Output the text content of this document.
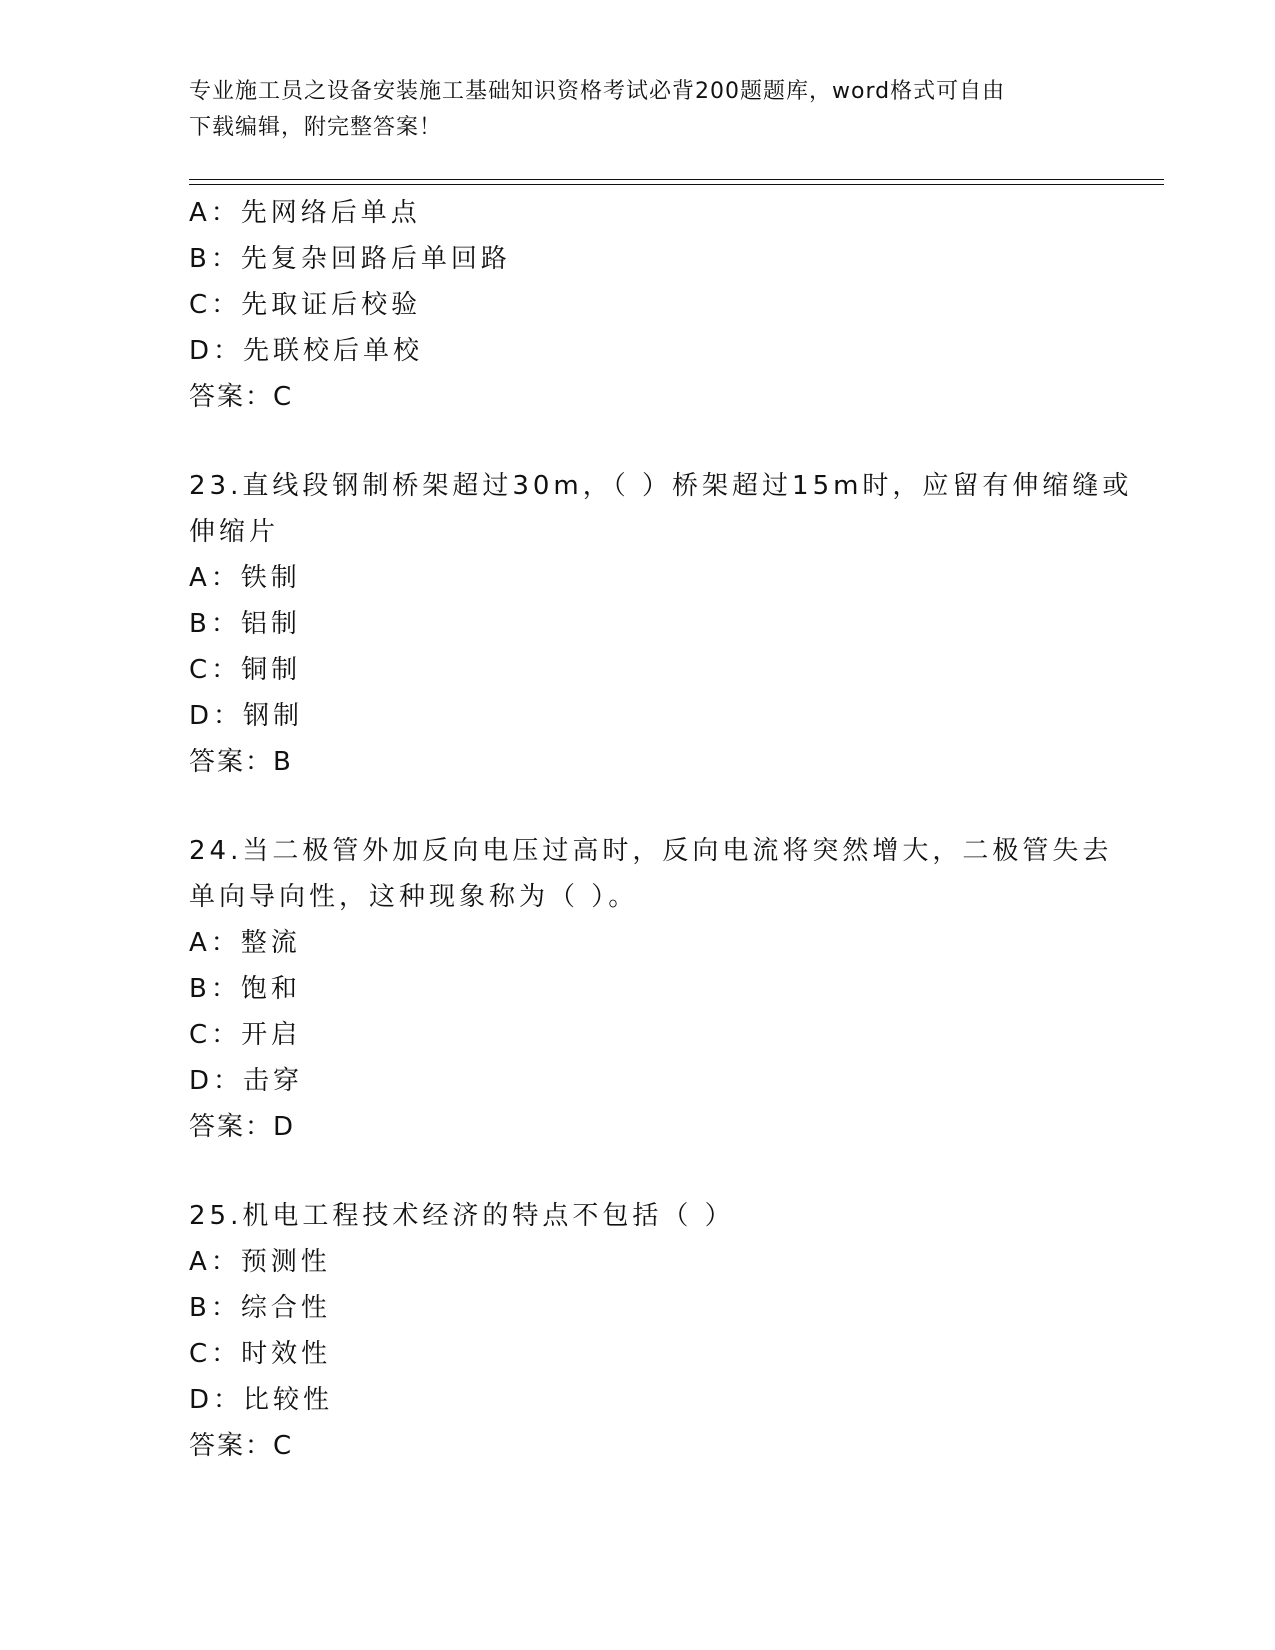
专业施工员之设备安装施工基础知识资格考试必背200题题库，word格式可自由
下载编辑，附完整答案！
A：先网络后单点
B：先复杂回路后单回路
C：先取证后校验
D：先联校后单校
答案：C
23.直线段钢制桥架超过30m，（ ）桥架超过15m时，应留有伸缩缝或
伸缩片
A：铁制
B：铝制
C：铜制
D：钢制
答案：B
24.当二极管外加反向电压过高时，反向电流将突然增大，二极管失去
单向导向性，这种现象称为（ ）。
A：整流
B：饱和
C：开启
D：击穿
答案：D
25.机电工程技术经济的特点不包括（ ）
A：预测性
B：综合性
C：时效性
D：比较性
答案：C
